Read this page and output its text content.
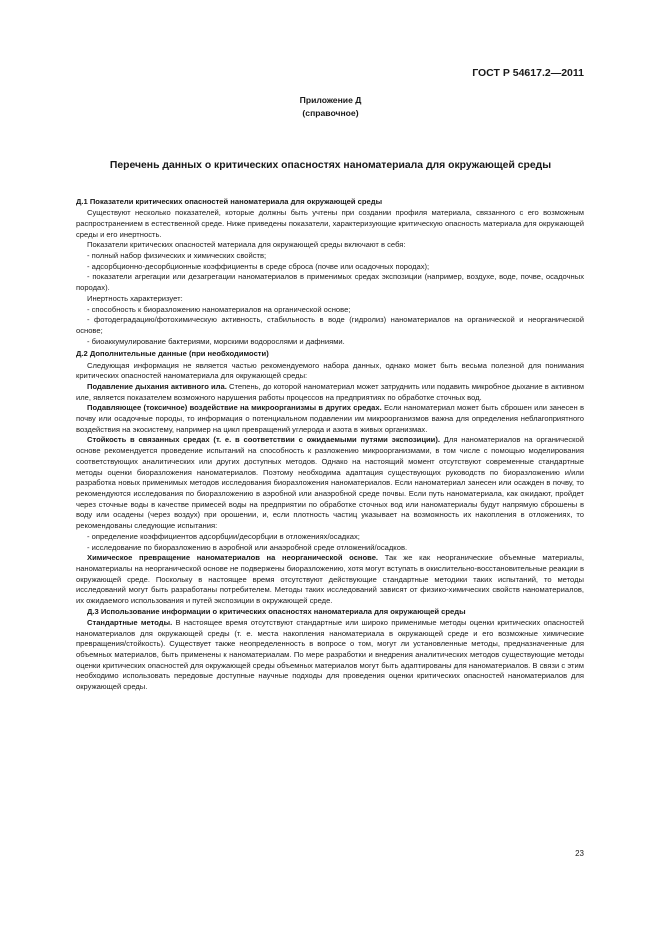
ГОСТ Р 54617.2—2011
Приложение Д
(справочное)
Перечень данных о критических опасностях наноматериала для окружающей среды

Д.1 Показатели критических опасностей наноматериала для окружающей среды

Существуют несколько показателей, которые должны быть учтены при создании профиля материала, связанного с его возможным распространением в естественной среде. Ниже приведены показатели, характеризующие критическую опасность материала для окружающей среды и его инертность.

Показатели критических опасностей материала для окружающей среды включают в себя:

- полный набор физических и химических свойств;

- адсорбционно-десорбционные коэффициенты в среде сброса (почве или осадочных породах);

- показатели агрегации или дезагрегации наноматериалов в применимых средах экспозиции (например, воздухе, воде, почве, осадочных породах).

Инертность характеризует:

- способность к биоразложению наноматериалов на органической основе;

- фотодеградацию/фотохимическую активность, стабильность в воде (гидролиз) наноматериалов на органической и неорганической основе;

- биоаккумулирование бактериями, морскими водорослями и дафниями.

Д.2 Дополнительные данные (при необходимости)

Следующая информация не является частью рекомендуемого набора данных, однако может быть весьма полезной для понимания критических опасностей наноматериала для окружающей среды:

Подавление дыхания активного ила. Степень, до которой наноматериал может затруднить или подавить микробное дыхание в активном иле, является показателем возможного нарушения работы процессов на предприятиях по обработке сточных вод.

Подавляющее (токсичное) воздействие на микроорганизмы в других средах. Если наноматериал может быть сброшен или занесен в почву или осадочные породы, то информация о потенциальном подавлении им микроорганизмов важна для определения неблагоприятного воздействия на экосистему, например на цикл превращений углерода и азота в живых организмах.

Стойкость в связанных средах (т. е. в соответствии с ожидаемыми путями экспозиции). Для наноматериалов на органической основе рекомендуется проведение испытаний на способность к разложению микроорганизмами, в том числе с помощью моделирования соответствующих аналитических или других доступных методов. Однако на настоящий момент отсутствуют современные стандартные методы оценки биоразложения наноматериалов. Поэтому необходима адаптация существующих руководств по биоразложению и/или разработка новых применимых методов исследования биоразложения наноматериалов. Если наноматериал занесен или осажден в почву, то рекомендуются исследования по биоразложению в аэробной или анаэробной среде почвы. Если путь наноматериала, как ожидают, пройдет через сточные воды в качестве примесей воды на предприятии по обработке сточных вод или наноматериалы будут напрямую сброшены в воду или осадены (через воздух) при орошении, и, если плотность частиц указывает на возможность их накопления в отложениях, то рекомендованы следующие испытания:

- определение коэффициентов адсорбции/десорбции в отложениях/осадках;

- исследование по биоразложению в аэробной или анаэробной среде отложений/осадков.

Химическое превращение наноматериалов на неорганической основе. Так же как неорганические объемные материалы, наноматериалы на неорганической основе не подвержены биоразложению, хотя могут вступать в окислительно-восстановительные реакции в окружающей среде. Поскольку в настоящее время отсутствуют действующие стандартные методики таких испытаний, то методы исследований могут быть разработаны потребителем. Методы таких исследований зависят от физико-химических свойств наноматериалов, их ожидаемого использования и путей экспозиции в окружающей среде.

Д.3 Использование информации о критических опасностях наноматериала для окружающей среды

Стандартные методы. В настоящее время отсутствуют стандартные или широко применимые методы оценки критических опасностей наноматериалов для окружающей среды (т. е. места накопления наноматериала в окружающей среде и его возможные химические превращения/стойкость). Существует также неопределенность в вопросе о том, могут ли установленные методы, предназначенные для объемных материалов, быть применены к наноматериалам. По мере разработки и внедрения аналитических методов существующие методы оценки критических опасностей для окружающей среды объемных материалов могут быть адаптированы для наноматериалов. В связи с этим необходимо использовать передовые доступные научные подходы для проведения оценки критических опасностей наноматериалов для окружающей среды.

23
